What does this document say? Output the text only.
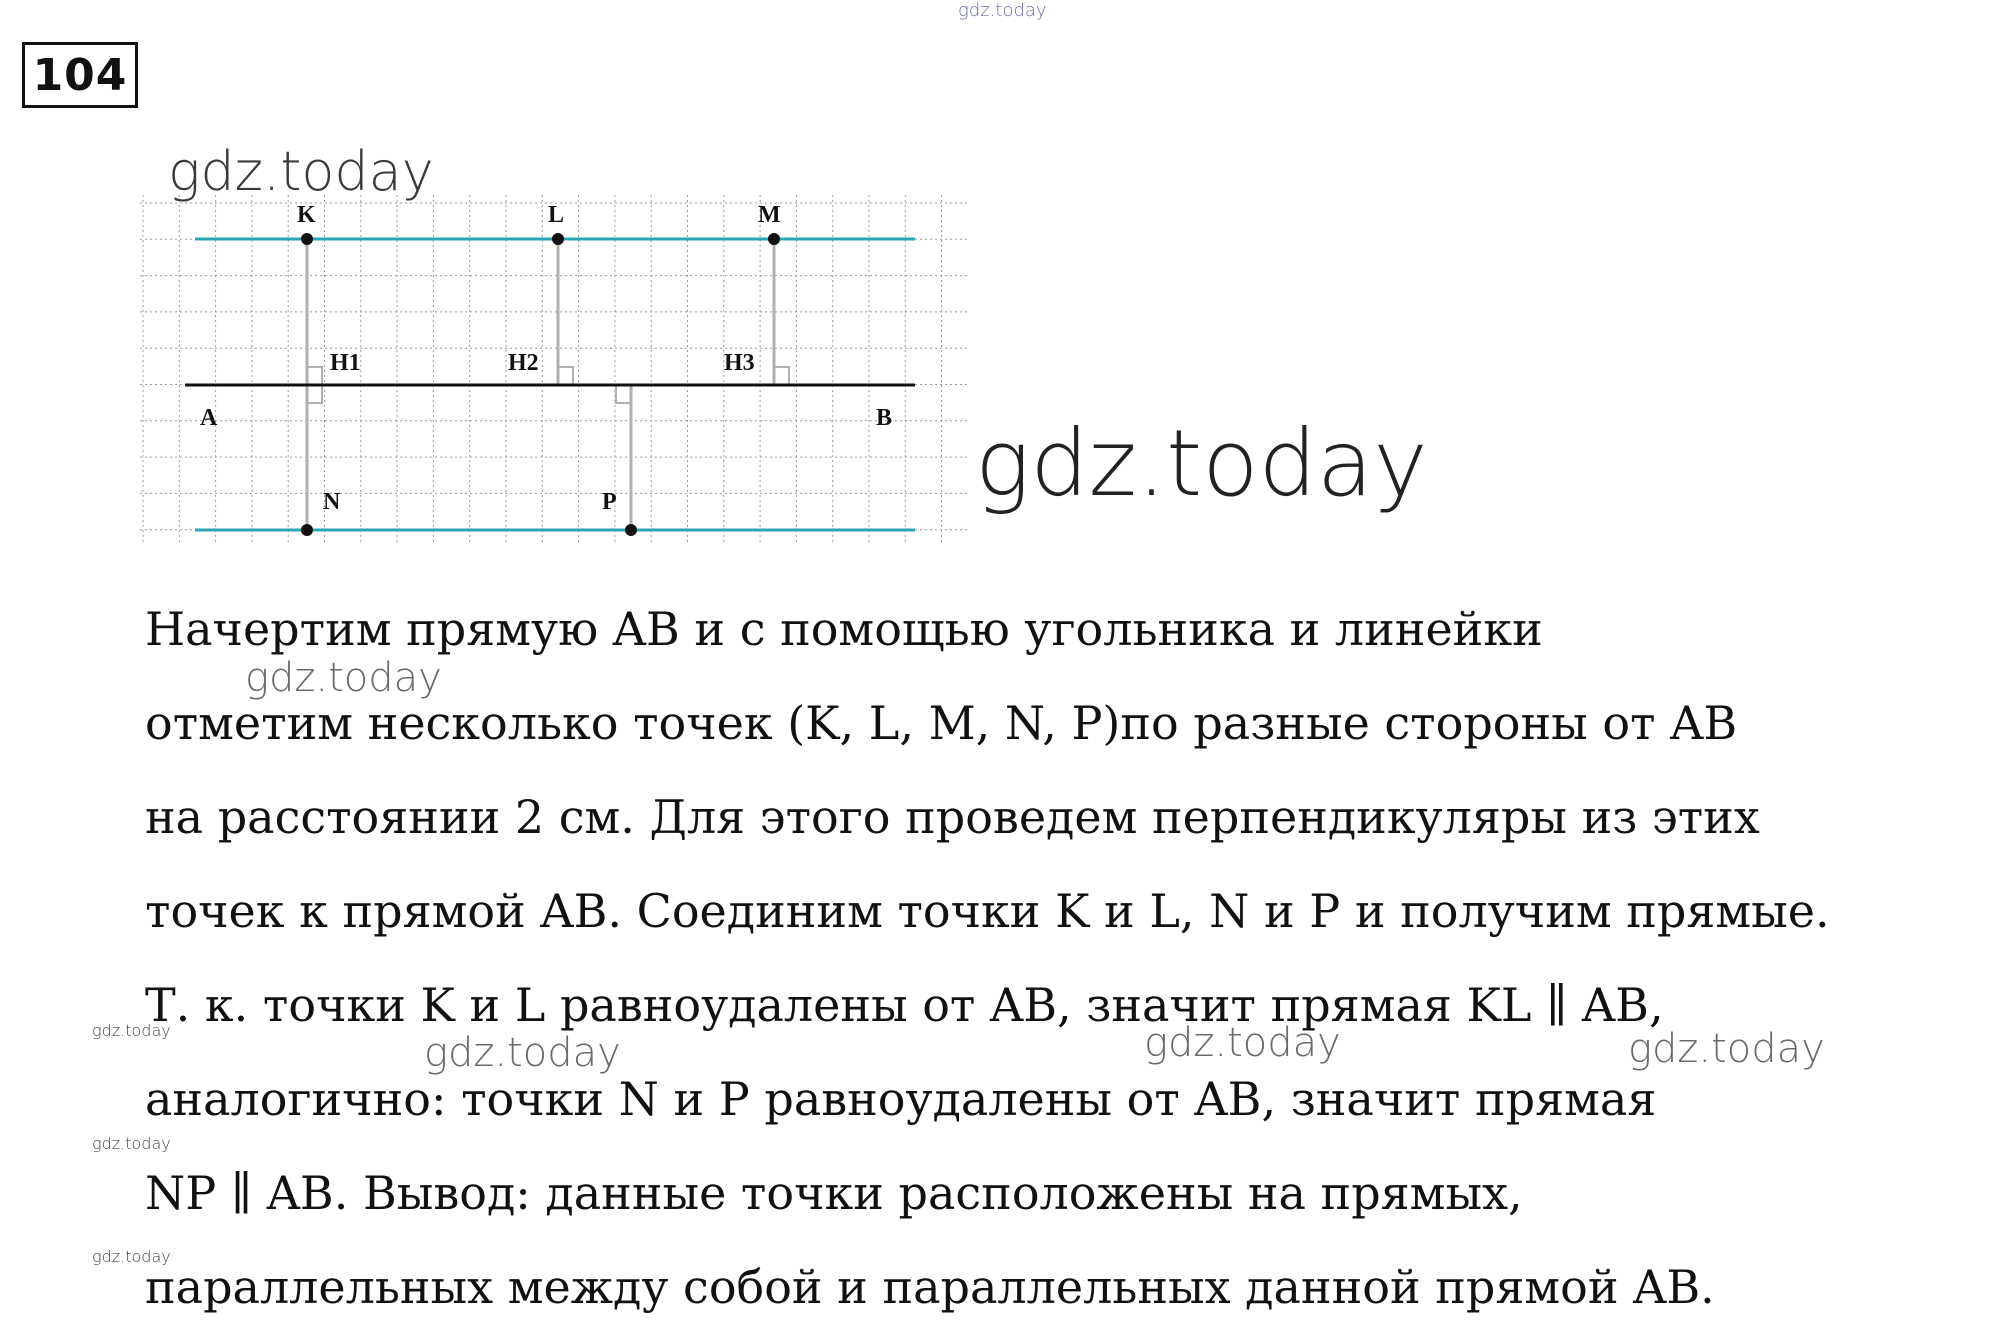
gdz.today
104
K	L	M
H1	H2	H3
A	B
N	P
gdz.today
gdz.today

Начертим прямую AB и с помощью угольника и линейки

отметим несколько точек (K, L, M, N, P)по разные стороны от AB

на расстоянии 2 см. Для этого проведем перпендикуляры из этих

точек к прямой AB. Соединим точки K и L, N и P и получим прямые.

Т. к. точки K и L равноудалены от AB, значит прямая KL ∥ AB,

аналогично: точки N и P равноудалены от AB, значит прямая

NP ∥ AB. Вывод: данные точки расположены на прямых,

параллельных между собой и параллельных данной прямой AB.

gdz.today
gdz.today	gdz.today	gdz.today
gdz.today
gdz.today
gdz.today
